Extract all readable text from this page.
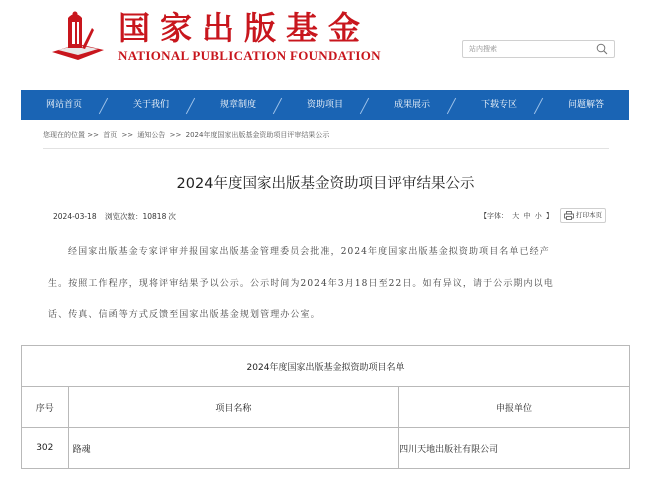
国家出版基金
NATIONAL PUBLICATION FOUNDATION
站内搜索
网站首页	关于我们	规章制度	资助项目	成果展示	下载专区	问题解答
您现在的位置 >> 首页 >> 通知公告 >> 2024年度国家出版基金资助项目评审结果公示
2024年度国家出版基金资助项目评审结果公示
2024-03-18 浏览次数：10818 次	【字体： 大 中 小 】	打印本页
经国家出版基金专家评审并报国家出版基金管理委员会批准，2024年度国家出版基金拟资助项目名单已经产
生。按照工作程序，现将评审结果予以公示。公示时间为2024年3月18日至22日。如有异议，请于公示期内以电
话、传真、信函等方式反馈至国家出版基金规划管理办公室。
2024年度国家出版基金拟资助项目名单		
序号	项目名称	申报单位
302	路魂	四川天地出版社有限公司
